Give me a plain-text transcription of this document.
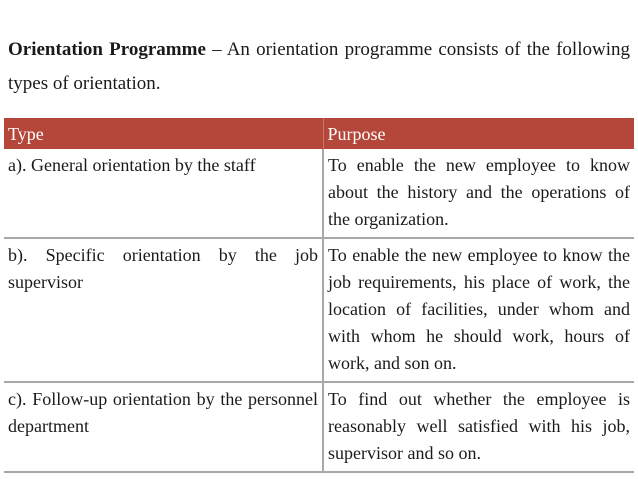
Orientation Programme – An orientation programme consists of the following types of orientation.

Type	Purpose
a). General orientation by the staff	To enable the new employee to know about the history and the operations of the organization.
b). Specific orientation by the job supervisor	To enable the new employee to know the job requirements, his place of work, the location of facilities, under whom and with whom he should work, hours of work, and son on.
c). Follow-up orientation by the personnel department	To find out whether the employee is reasonably well satisfied with his job, supervisor and so on.
